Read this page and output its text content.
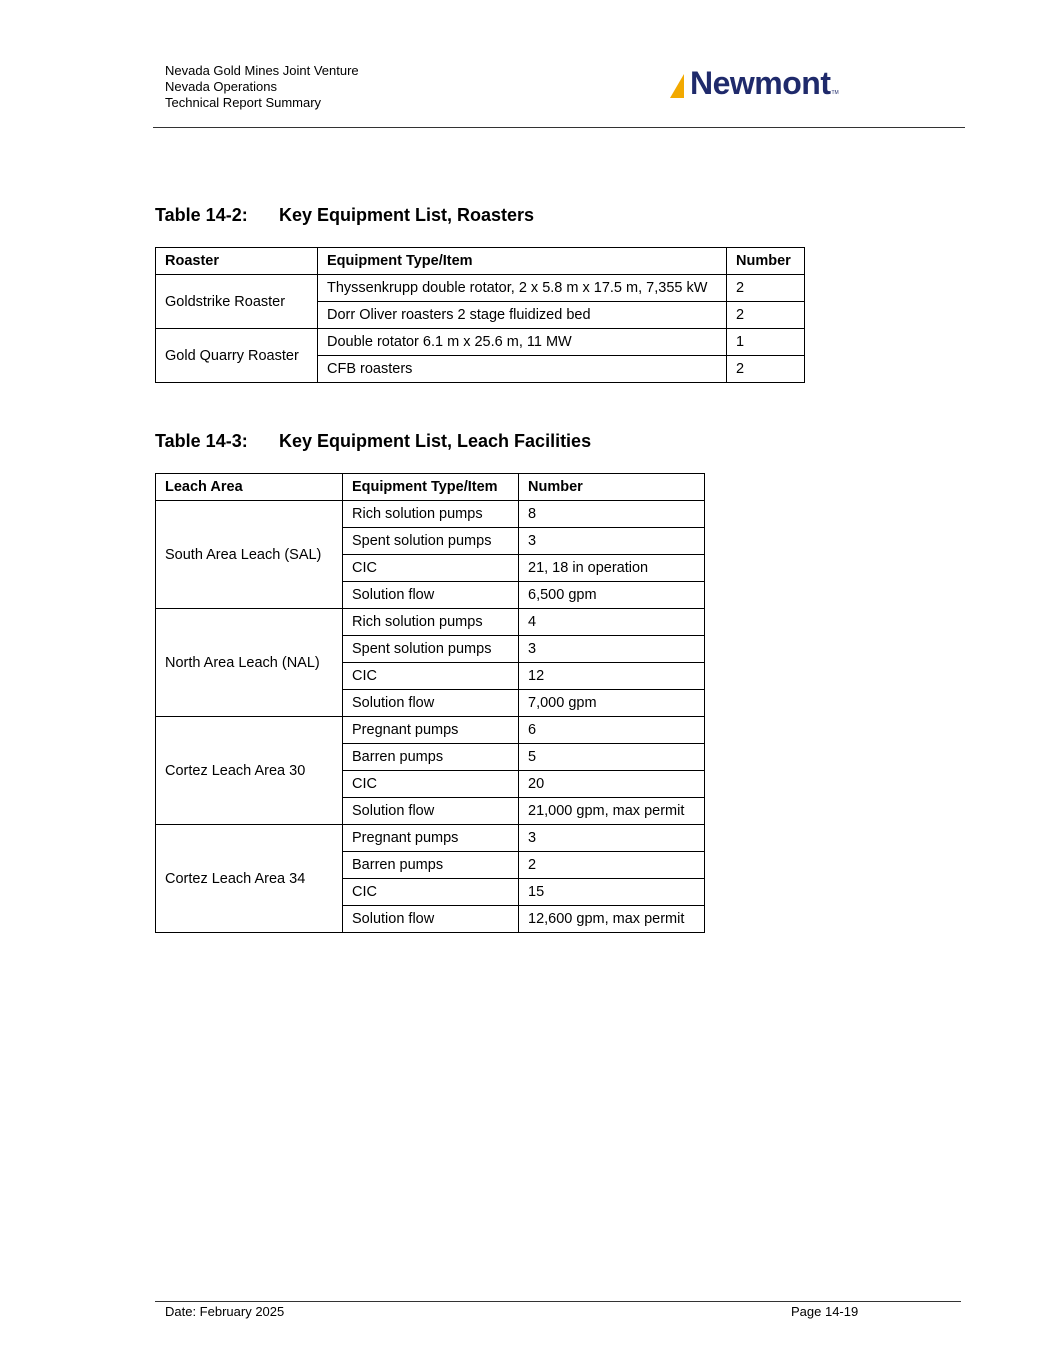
Nevada Gold Mines Joint Venture
Nevada Operations
Technical Report Summary
NewmontTM
Table 14-2: Key Equipment List, Roasters
Roaster	Equipment Type/Item	Number
Goldstrike Roaster	Thyssenkrupp double rotator, 2 x 5.8 m x 17.5 m, 7,355 kW	2
	Dorr Oliver roasters 2 stage fluidized bed	2
Gold Quarry Roaster	Double rotator 6.1 m x 25.6 m, 11 MW	1
	CFB roasters	2
Table 14-3: Key Equipment List, Leach Facilities
Leach Area	Equipment Type/Item	Number
South Area Leach (SAL)	Rich solution pumps	8
	Spent solution pumps	3
	CIC	21, 18 in operation
	Solution flow	6,500 gpm
North Area Leach (NAL)	Rich solution pumps	4
	Spent solution pumps	3
	CIC	12
	Solution flow	7,000 gpm
Cortez Leach Area 30	Pregnant pumps	6
	Barren pumps	5
	CIC	20
	Solution flow	21,000 gpm, max permit
Cortez Leach Area 34	Pregnant pumps	3
	Barren pumps	2
	CIC	15
	Solution flow	12,600 gpm, max permit
Date: February 2025	Page 14-19
